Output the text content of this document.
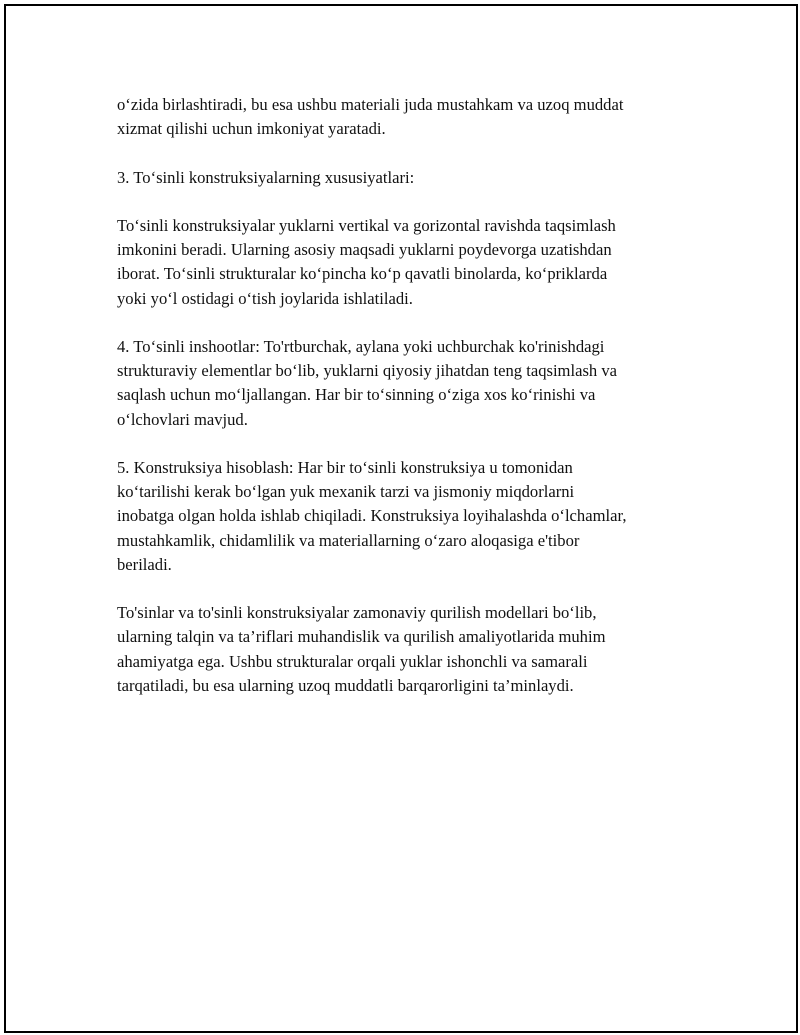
o‘zida birlashtiradi, bu esa ushbu materiali juda mustahkam va uzoq muddat
xizmat qilishi uchun imkoniyat yaratadi.

3. To‘sinli konstruksiyalarning xususiyatlari:

To‘sinli konstruksiyalar yuklarni vertikal va gorizontal ravishda taqsimlash
imkonini beradi. Ularning asosiy maqsadi yuklarni poydevorga uzatishdan
iborat. To‘sinli strukturalar ko‘pincha ko‘p qavatli binolarda, ko‘priklarda
yoki yo‘l ostidagi o‘tish joylarida ishlatiladi.

4. To‘sinli inshootlar: To'rtburchak, aylana yoki uchburchak ko'rinishdagi
strukturaviy elementlar bo‘lib, yuklarni qiyosiy jihatdan teng taqsimlash va
saqlash uchun mo‘ljallangan. Har bir to‘sinning o‘ziga xos ko‘rinishi va
o‘lchovlari mavjud.

5. Konstruksiya hisoblash: Har bir to‘sinli konstruksiya u tomonidan
ko‘tarilishi kerak bo‘lgan yuk mexanik tarzi va jismoniy miqdorlarni
inobatga olgan holda ishlab chiqiladi. Konstruksiya loyihalashda o‘lchamlar,
mustahkamlik, chidamlilik va materiallarning o‘zaro aloqasiga e'tibor
beriladi.

To'sinlar va to'sinli konstruksiyalar zamonaviy qurilish modellari bo‘lib,
ularning talqin va ta’riflari muhandislik va qurilish amaliyotlarida muhim
ahamiyatga ega. Ushbu strukturalar orqali yuklar ishonchli va samarali
tarqatiladi, bu esa ularning uzoq muddatli barqarorligini ta’minlaydi.
